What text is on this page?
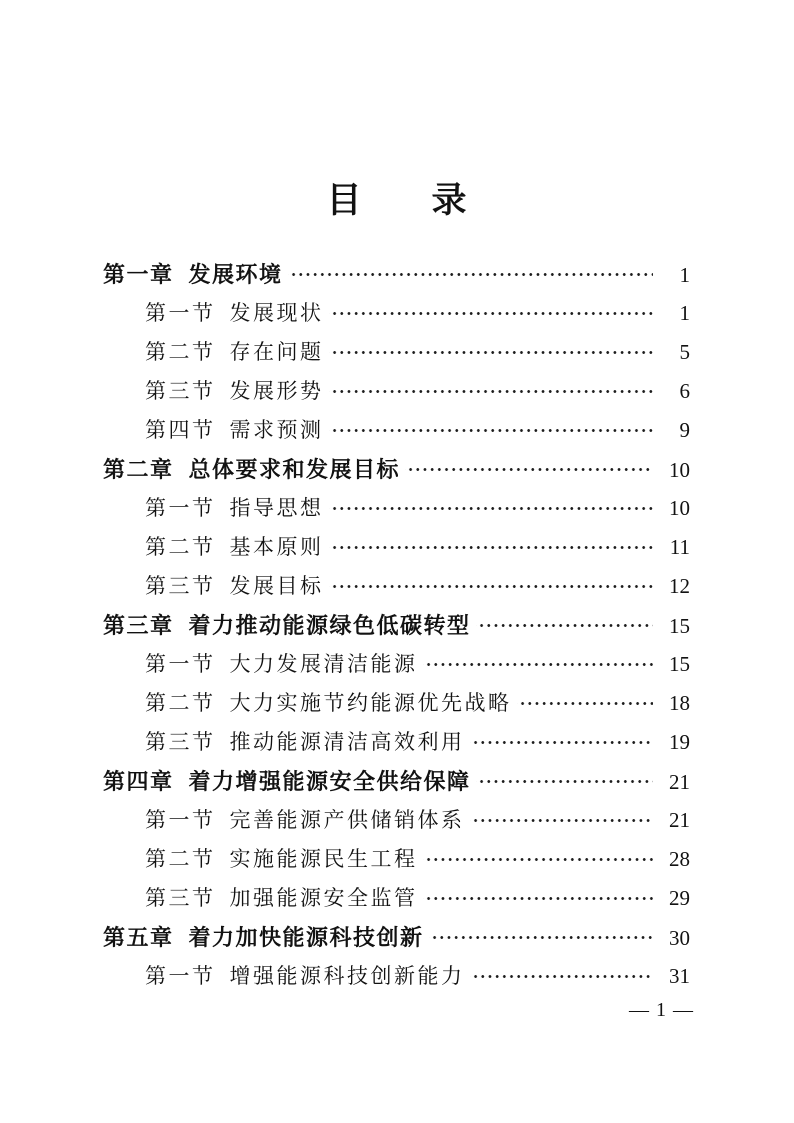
目　　录
第一章 发展环境	1
第一节 发展现状	1
第二节 存在问题	5
第三节 发展形势	6
第四节 需求预测	9
第二章 总体要求和发展目标	10
第一节 指导思想	10
第二节 基本原则	11
第三节 发展目标	12
第三章 着力推动能源绿色低碳转型	15
第一节 大力发展清洁能源	15
第二节 大力实施节约能源优先战略	18
第三节 推动能源清洁高效利用	19
第四章 着力增强能源安全供给保障	21
第一节 完善能源产供储销体系	21
第二节 实施能源民生工程	28
第三节 加强能源安全监管	29
第五章 着力加快能源科技创新	30
第一节 增强能源科技创新能力	31
— 1 —
